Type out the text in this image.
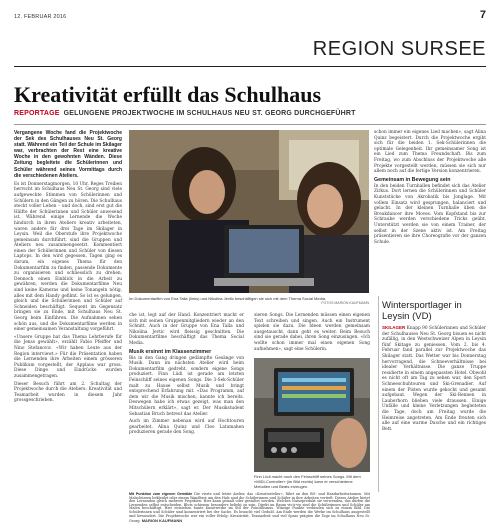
12. FEBRUAR 2016	7
REGION SURSEE
Kreativität erfüllt das Schulhaus
REPORTAGE GELUNGENE PROJEKTWOCHE IM SCHULHAUS NEU ST. GEORG DURCHGEFÜHRT
Vergangene Woche fand die Projektwoche der Sek des Schulhauses Neu St. Georg statt. Während ein Teil der Schule im Skilager war, verbrachten der Rest eine kreative Woche in den gewohnten Wänden. Diese Zeitung begleitete die Schülerinnen und Schüler während seines Vormittags durch die verschiedenen Ateliers.
Es ist Donnerstagmorgen, 10 Uhr. Reges Treiben herrscht im Schulhaus Neu St. Georg sind viele aufgeweckte Stimmen von Schülerinnen und Schülern in den Gängen zu hören. Die Schulhaus steckt voller Leben – und doch, sind erst gut die Hälfte der Schülerinnen und Schüler anwesend ist. Während einige Lernende die Woche hindurch in ihren Ateliers kreativ arbeiteten, waren andere für drei Tage im Skilager in Leysin. Weil die Oberstufe ihre Projektwoche gemeinsam durchführt, sind die Gruppen und Ateliers neu zusammengesetzt. Kommentiert einen der Schülerinnen und Schüler von diesen Laptops. In den wird gegessen. Tagen ging es darum, ein eigenes Thema für den Dokumentarfilm zu finden, passende Dokumente zu organisieren und schliesslich zu drehen. Dennoch einen Einblick in die Arbeit zu gewähren, werden die Dokumentarfilme Neu sind keine Kameras und keine Tonangeln nötig, alles mit dem Handy gefilmt. So ist es gelungen, gleich und die Schülerinnen und Schüler auf Schneiden beschäftigt. Sequent im Gegensatz bringen sie zu Ende, mit Schulhaus Neu St. Georg beim Einführen. Die Aufnahmen sehen schön aus, und die Dokumentarfilme werden in einer gemeinsamen Veranstaltung vorgeführt.
«Unsere Gruppe hat das Thema Lehrberufe für die Jenss gewählt», erzählt Fabio Pfeiffer und Nino Stefanovic. «Wir haben Leute aus der Region interviewt.» Für die Präsentation haben die Lernenden ihre Arbeiten einem grösseren Publikum vorgestellt, der Applaus war gross. Diese Dinge und Eindrücke wurden zusammengetragen.
Dieser Besuch führt am 2. Schultag der Projektwoche durch die Ateliers: Kreativität und Teamarbeit wurden in diesem Jahr grossgeschrieben.
Im Dokumentarfilm von Ena Talla (links) und Nikolina Jevtic beschäftigen sie sich mit dem Thema Social Media.
FOTOS MARION KAUFMANN
che ist, legt auf der Hand. Konzentriert macht er sich mit seinen Gruppenmitgliedern wieder an den Schnitt. Auch in der Gruppe von Ena Talla und Nikolina Jevtic wird fleissig geschnitten. Die Dokumentarfilme beschäftigt das Thema Social Media.
Musik ersinnt im Klassenzimmer
Bis in den Gang dringen gedämpfte Gesänge von Musik. Dann im nächsten Atelier wird beim Dokumentarfilm gedreht, sondern eigene Songs produziert. Finn Lüdi ist gerade am letzten Feinschliff seines eigenen Songs. Die 3-Sek-Schüler malt zu Hause selbst Musik und bringt entsprechend Erfahrung mit. «Das Programm, auf dem wir die Musik mischen, kannte ich bereits. Deswegen habe ich etwas gezeigt, was man den Mitschülern erklärt», sagt er. Der Musikstudent Sebastian Bruch betreut das Atelier.
Auch im Zimmer nebenan wird auf Hochtouren gearbeitet. Alina Quinz und Cleo Latumahen produzieren gerade den Song.
sieren Songs. Die Lernenden müssen einen eigenen Text schreiben und singen. Auch ein Instrument spielen sie dazu. Die Ideen werden gemeinsam ausgetauscht, dann geht es weiter. Beim Besuch sind sie gerade dabei, ihren Song einzusingen. «Ich wollte schon immer mal einen eigenen Song aufnehmen», sagt eine Schülerin.
Finn Lüdi macht noch den Feinschliff seines Songs. Mit dem «MIDI-Controller» (im Bild rechts) kann er verschiedene Melodien und Beats erzeugen.
schon immer ein eigenes Lied machen», sagt Alina Quinz begeistert. Durch die Projektwoche ergibt sich für die beiden 1. Sek-Schülerinnen die optimale Gelegenheit. Ihr gemeinsamer Song ist ein Lied zum Thema Freundschaft. Bis zum Freitag, wo zum Abschluss der Projektwoche alle Projekte vorgestellt werden, müssen sie sich nur allem noch auf die fertige Version konzentrieren.
Gemeinsam in Bewegung sein
In den beiden Turnhallen befindet sich das Atelier Zirkus. Dort lernen die Schülerinnen und Schüler Kunststücke von Akrobatik bis Jonglage. Mit vollem Einsatz wird gesprungen, balanciert und gelacht. In der kleinen Turnhalle üben die Breakdancer ihre Moves. Vom Kopfstand bis zur Schraube werden verschiedene Tricks geübt. Unterstützt werden sie von einem Trainer, der selbst in der Szene aktiv ist. Am Freitag präsentieren sie ihre Choreografie vor der ganzen Schule.
Wintersportlager in Leysin (VD)
SKILAGER Knapp 90 Schülerinnen und Schüler der Schulhauses Neu St. Georg bisuen es nicht zufällig, in den Westschweizer Alpen in Leysin fünf Skitage zu geniessen. Vom 2. bis 4. Februar fand parallel zur Projektwoche das Skilager statt. Das Wetter war bis Donnerstag hervorragend, die Schneeverhältnisse bei idealer Verhältnisse. Die ganze Truppe residierte in einem angepassten Hotel. Obwohl es nicht oft am Tag zu sehen war, den Sport Schneeschuhtouren und Ski-Grenadier. Auf einem der Pisten wurde gekocht und gesamt aufgebaut. Wegen der Ski-Rennen in Lauberhorn blieben viele draussen. Einige Unfälle und kleine Verletzungen begleiteten die Tage, doch am Freitag wurde die Heimreise angetreten. Am Ende freuten sich alle auf eine warme Dusche und ein richtiges Bett.
Mit Punktion zum eigenen Gemälde Die vierte und letzte Atelier, das «Kreativatelier», führt an den BG- und Handarbeitsräumen. Mit Malschürzen bekleidet oder einem Wandbrot um den Hals sind die Schülerinnen und Schüler in ihre Arbeiten vertieft. Dieses Atelier bietet den Lernenden gleich mehrere Projekten: Hier kann gemalt oder gestaltet werden. Welches Naturprodukt sie verwenden, das dürfen die Lernenden selbst entscheiden. Bluts schienen besonders beliebt zu sein. Direkt im Raum vis-à-vis sind die Schülerinnen und Schüler am Malen beschäftigt. Hier entstehen bunte Kunstwerke im Stil der Pointillismus. Winzige Punkte verbinden sich zu einem Bild. Die Schülerinnen und Schüler sind konzentriert bei der Sache. Es braucht viel Geduld. Am Ende werden die Werke im Schulhaus ausgestellt und bewundert. Die Projektwoche war ein voller Erfolg: Kreativität, Teamarbeit und viel Spass prägten die Tage im Schulhaus Neu St. Georg. MARION KAUFMANN
